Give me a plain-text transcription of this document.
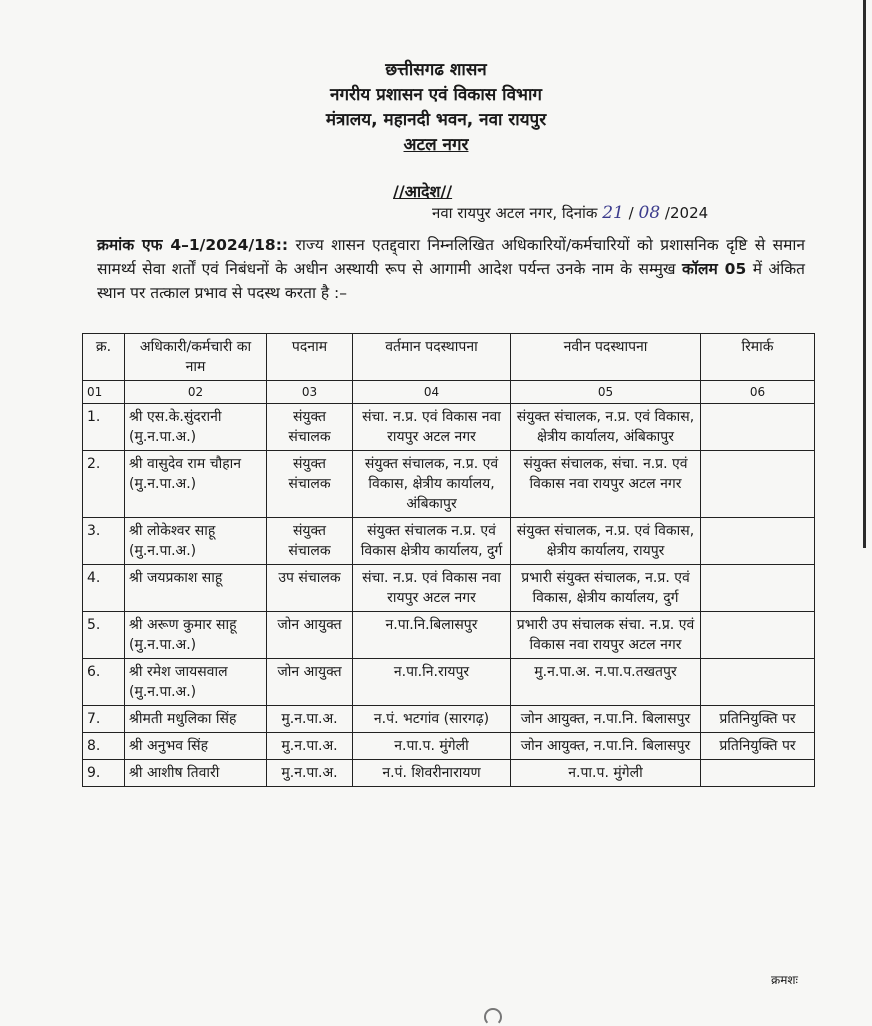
छत्तीसगढ शासन
नगरीय प्रशासन एवं विकास विभाग
मंत्रालय, महानदी भवन, नवा रायपुर
अटल नगर
//आदेश//
नवा रायपुर अटल नगर, दिनांक 21 / 08 /2024
क्रमांक एफ 4–1/2024/18:: राज्य शासन एतद्द्वारा निम्नलिखित अधिकारियों/कर्मचारियों को प्रशासनिक दृष्टि से समान सामर्थ्य सेवा शर्तों एवं निबंधनों के अधीन अस्थायी रूप से आगामी आदेश पर्यन्त उनके नाम के सम्मुख कॉलम 05 में अंकित स्थान पर तत्काल प्रभाव से पदस्थ करता है :–
क्र.	अधिकारी/कर्मचारी का नाम	पदनाम	वर्तमान पदस्थापना	नवीन पदस्थापना	रिमार्क
01	02	03	04	05	06
1.	श्री एस.के.सुंदरानी (मु.न.पा.अ.)	संयुक्त संचालक	संचा. न.प्र. एवं विकास नवा रायपुर अटल नगर	संयुक्त संचालक, न.प्र. एवं विकास, क्षेत्रीय कार्यालय, अंबिकापुर	
2.	श्री वासुदेव राम चौहान (मु.न.पा.अ.)	संयुक्त संचालक	संयुक्त संचालक, न.प्र. एवं विकास, क्षेत्रीय कार्यालय, अंबिकापुर	संयुक्त संचालक, संचा. न.प्र. एवं विकास नवा रायपुर अटल नगर	
3.	श्री लोकेश्वर साहू (मु.न.पा.अ.)	संयुक्त संचालक	संयुक्त संचालक न.प्र. एवं विकास क्षेत्रीय कार्यालय, दुर्ग	संयुक्त संचालक, न.प्र. एवं विकास, क्षेत्रीय कार्यालय, रायपुर	
4.	श्री जयप्रकाश साहू	उप संचालक	संचा. न.प्र. एवं विकास नवा रायपुर अटल नगर	प्रभारी संयुक्त संचालक, न.प्र. एवं विकास, क्षेत्रीय कार्यालय, दुर्ग	
5.	श्री अरूण कुमार साहू (मु.न.पा.अ.)	जोन आयुक्त	न.पा.नि.बिलासपुर	प्रभारी उप संचालक संचा. न.प्र. एवं विकास नवा रायपुर अटल नगर	
6.	श्री रमेश जायसवाल (मु.न.पा.अ.)	जोन आयुक्त	न.पा.नि.रायपुर	मु.न.पा.अ. न.पा.प.तखतपुर	
7.	श्रीमती मधुलिका सिंह	मु.न.पा.अ.	न.पं. भटगांव (सारगढ़)	जोन आयुक्त, न.पा.नि. बिलासपुर	प्रतिनियुक्ति पर
8.	श्री अनुभव सिंह	मु.न.पा.अ.	न.पा.प. मुंगेली	जोन आयुक्त, न.पा.नि. बिलासपुर	प्रतिनियुक्ति पर
9.	श्री आशीष तिवारी	मु.न.पा.अ.	न.पं. शिवरीनारायण	न.पा.प. मुंगेली	
क्रमशः
